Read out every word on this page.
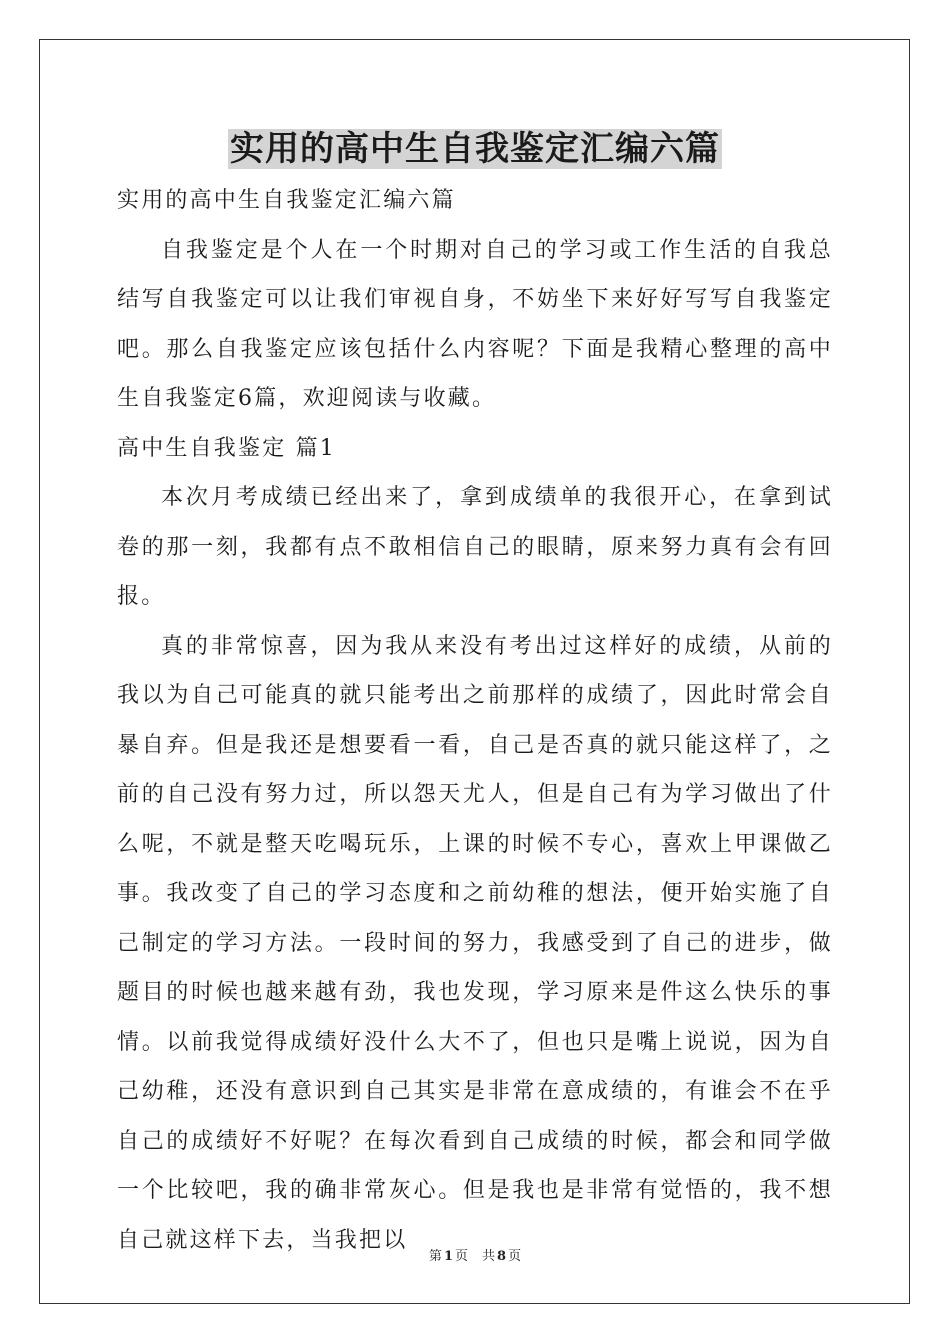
实用的高中生自我鉴定汇编六篇

实用的高中生自我鉴定汇编六篇

自我鉴定是个人在一个时期对自己的学习或工作生活的自我总结写自我鉴定可以让我们审视自身，不妨坐下来好好写写自我鉴定吧。那么自我鉴定应该包括什么内容呢？下面是我精心整理的高中生自我鉴定6篇，欢迎阅读与收藏。

高中生自我鉴定 篇1

本次月考成绩已经出来了，拿到成绩单的我很开心，在拿到试卷的那一刻，我都有点不敢相信自己的眼睛，原来努力真有会有回报。

真的非常惊喜，因为我从来没有考出过这样好的成绩，从前的我以为自己可能真的就只能考出之前那样的成绩了，因此时常会自暴自弃。但是我还是想要看一看，自己是否真的就只能这样了，之前的自己没有努力过，所以怨天尤人，但是自己有为学习做出了什么呢，不就是整天吃喝玩乐，上课的时候不专心，喜欢上甲课做乙事。我改变了自己的学习态度和之前幼稚的想法，便开始实施了自己制定的学习方法。一段时间的努力，我感受到了自己的进步，做题目的时候也越来越有劲，我也发现，学习原来是件这么快乐的事情。以前我觉得成绩好没什么大不了，但也只是嘴上说说，因为自己幼稚，还没有意识到自己其实是非常在意成绩的，有谁会不在乎自己的成绩好不好呢？在每次看到自己成绩的时候，都会和同学做一个比较吧，我的确非常灰心。但是我也是非常有觉悟的，我不想自己就这样下去，当我把以

第 1 页 共 8 页
